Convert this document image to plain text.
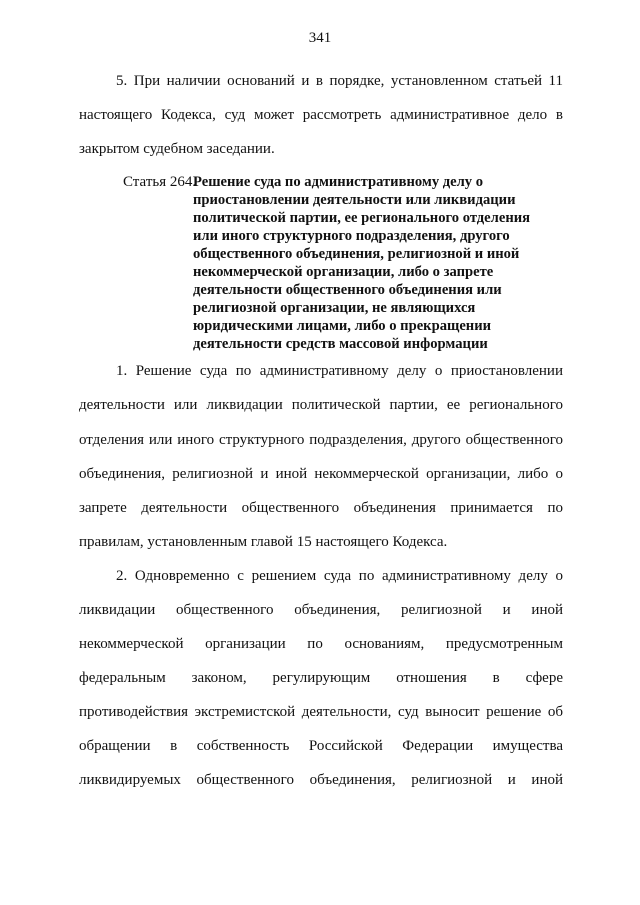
341
5. При наличии оснований и в порядке, установленном статьей 11
настоящего Кодекса, суд может рассмотреть административное дело в
закрытом судебном заседании.
Статья 264.
Решение суда по административному делу о
приостановлении деятельности или ликвидации
политической партии, ее регионального отделения
или иного структурного подразделения, другого
общественного объединения, религиозной и иной
некоммерческой организации, либо о запрете
деятельности общественного объединения или
религиозной организации, не являющихся
юридическими лицами, либо о прекращении
деятельности средств массовой информации
1. Решение суда по административному делу о приостановлении
деятельности или ликвидации политической партии, ее регионального
отделения или иного структурного подразделения, другого общественного
объединения, религиозной и иной некоммерческой организации, либо о
запрете деятельности общественного объединения принимается по
правилам, установленным главой 15 настоящего Кодекса.
2. Одновременно с решением суда по административному делу о
ликвидации общественного объединения, религиозной и иной
некоммерческой организации по основаниям, предусмотренным
федеральным законом, регулирующим отношения в сфере
противодействия экстремистской деятельности, суд выносит решение об
обращении в собственность Российской Федерации имущества
ликвидируемых общественного объединения, религиозной и иной
